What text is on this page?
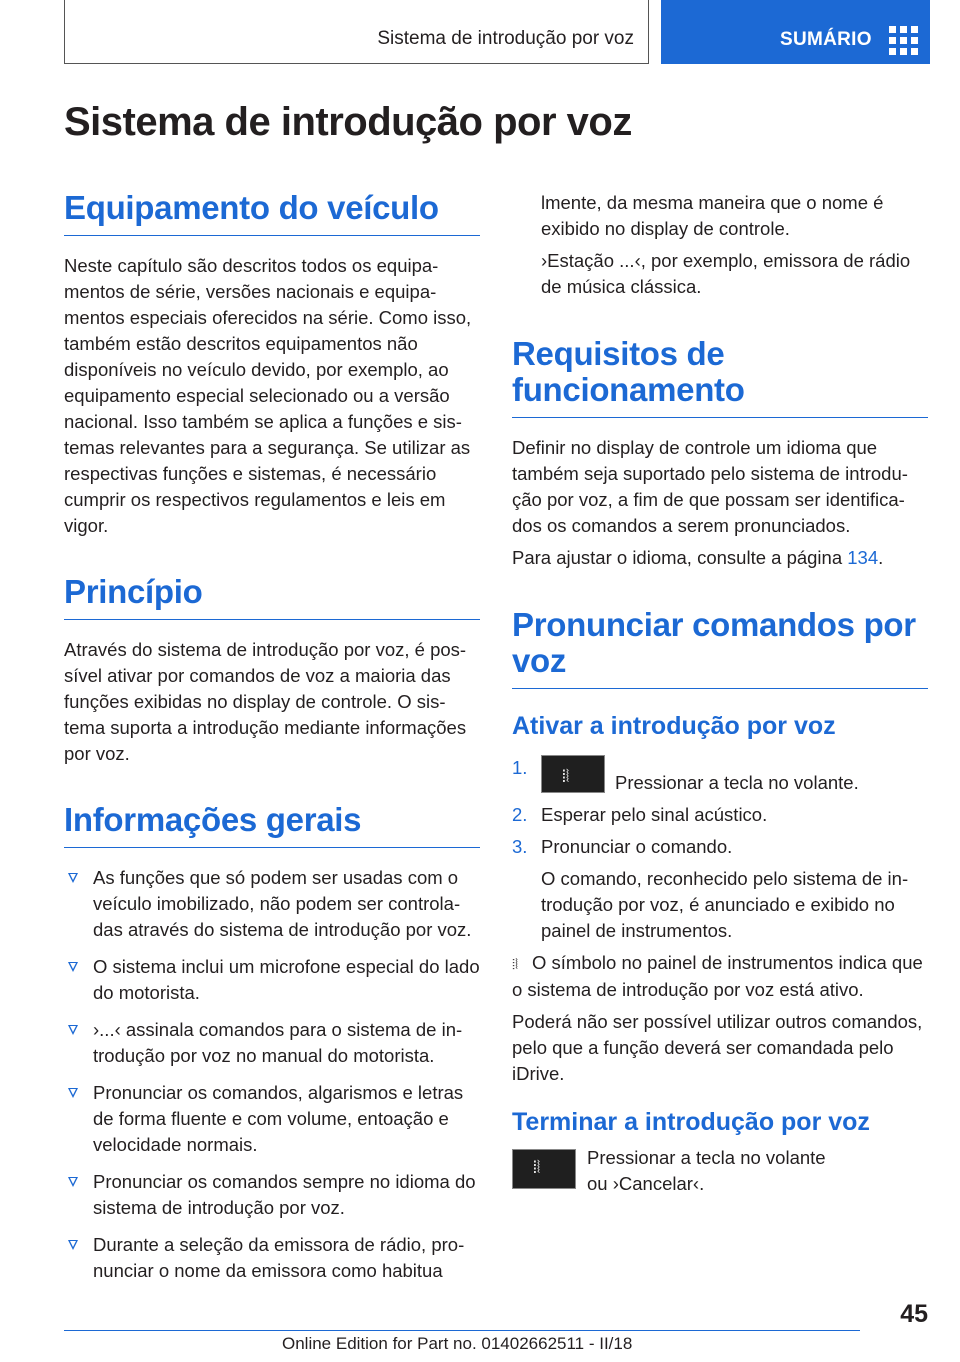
Sistema de introdução por voz	SUMÁRIO
Sistema de introdução por voz
Equipamento do veículo

Neste capítulo são descritos todos os equipamentos de série, versões nacionais e equipamentos especiais oferecidos na série. Como isso, também estão descritos equipamentos não disponíveis no veículo devido, por exemplo, ao equipamento especial selecionado ou a versão nacional. Isso também se aplica a funções e sistemas relevantes para a segurança. Se utilizar as respectivas funções e sistemas, é necessário cumprir os respectivos regulamentos e leis em vigor.

Princípio

Através do sistema de introdução por voz, é possível ativar por comandos de voz a maioria das funções exibidas no display de controle. O sistema suporta a introdução mediante informações por voz.

Informações gerais
As funções que só podem ser usadas com o veículo imobilizado, não podem ser controladas através do sistema de introdução por voz.
O sistema inclui um microfone especial do lado do motorista.
›...‹ assinala comandos para o sistema de introdução por voz no manual do motorista.
Pronunciar os comandos, algarismos e letras de forma fluente e com volume, entoação e velocidade normais.
Pronunciar os comandos sempre no idioma do sistema de introdução por voz.
Durante a seleção da emissora de rádio, pronunciar o nome da emissora como habitua

lmente, da mesma maneira que o nome é exibido no display de controle.

›Estação ...‹, por exemplo, emissora de rádio de música clássica.

Requisitos de funcionamento

Definir no display de controle um idioma que também seja suportado pelo sistema de introdução por voz, a fim de que possam ser identificados os comandos a serem pronunciados.

Para ajustar o idioma, consulte a página 134.

Pronunciar comandos por voz
Ativar a introdução por voz
1. ⦙⦚ Pressionar a tecla no volante.
2. Esperar pelo sinal acústico.
3. Pronunciar o comando.

O comando, reconhecido pelo sistema de introdução por voz, é anunciado e exibido no painel de instrumentos.

⦙⦚ O símbolo no painel de instrumentos indica que o sistema de introdução por voz está ativo.

Poderá não ser possível utilizar outros comandos, pelo que a função deverá ser comandada pelo iDrive.

Terminar a introdução por voz
⦙⦚	Pressionar a tecla no volante ou ›Cancelar‹.

45
Online Edition for Part no. 01402662511 - II/18
